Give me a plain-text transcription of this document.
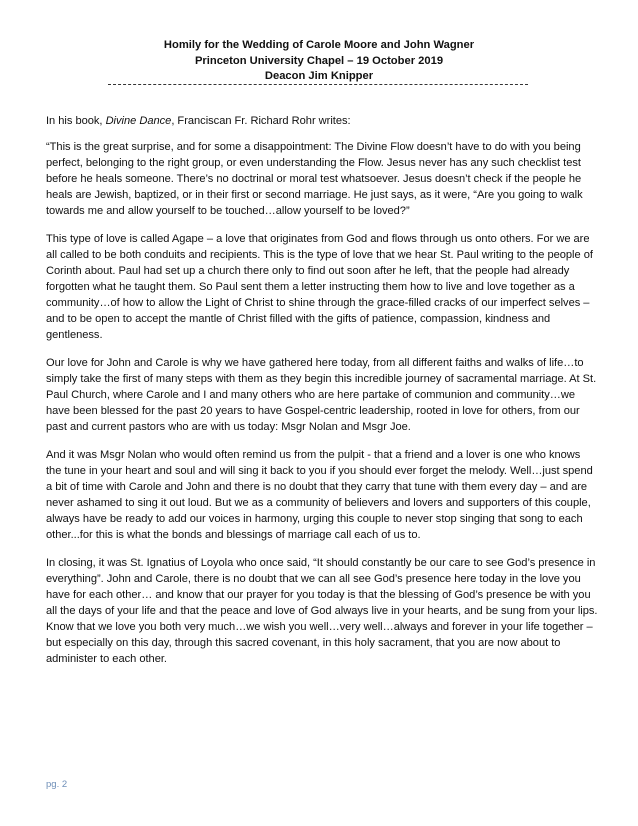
Homily for the Wedding of Carole Moore and John Wagner
Princeton University Chapel – 19 October 2019
Deacon Jim Knipper

In his book, Divine Dance, Franciscan Fr. Richard Rohr writes:

“This is the great surprise, and for some a disappointment: The Divine Flow doesn’t have to do with you being perfect, belonging to the right group, or even understanding the Flow. Jesus never has any such checklist test before he heals someone. There’s no doctrinal or moral test whatsoever. Jesus doesn’t check if the people he heals are Jewish, baptized, or in their first or second marriage. He just says, as it were, “Are you going to walk towards me and allow yourself to be touched…allow yourself to be loved?”

This type of love is called Agape – a love that originates from God and flows through us onto others. For we are all called to be both conduits and recipients. This is the type of love that we hear St. Paul writing to the people of Corinth about. Paul had set up a church there only to find out soon after he left, that the people had already forgotten what he taught them. So Paul sent them a letter instructing them how to live and love together as a community…of how to allow the Light of Christ to shine through the grace-filled cracks of our imperfect selves – and to be open to accept the mantle of Christ filled with the gifts of patience, compassion, kindness and gentleness.

Our love for John and Carole is why we have gathered here today, from all different faiths and walks of life…to simply take the first of many steps with them as they begin this incredible journey of sacramental marriage. At St. Paul Church, where Carole and I and many others who are here partake of communion and community…we have been blessed for the past 20 years to have Gospel-centric leadership, rooted in love for others, from our past and current pastors who are with us today: Msgr Nolan and Msgr Joe.

And it was Msgr Nolan who would often remind us from the pulpit - that a friend and a lover is one who knows the tune in your heart and soul and will sing it back to you if you should ever forget the melody. Well…just spend a bit of time with Carole and John and there is no doubt that they carry that tune with them every day – and are never ashamed to sing it out loud. But we as a community of believers and lovers and supporters of this couple, always have be ready to add our voices in harmony, urging this couple to never stop singing that song to each other...for this is what the bonds and blessings of marriage call each of us to.

In closing, it was St. Ignatius of Loyola who once said, “It should constantly be our care to see God’s presence in everything”. John and Carole, there is no doubt that we can all see God’s presence here today in the love you have for each other… and know that our prayer for you today is that the blessing of God’s presence be with you all the days of your life and that the peace and love of God always live in your hearts, and be sung from your lips. Know that we love you both very much…we wish you well…very well…always and forever in your life together – but especially on this day, through this sacred covenant, in this holy sacrament, that you are now about to administer to each other.

pg. 2
